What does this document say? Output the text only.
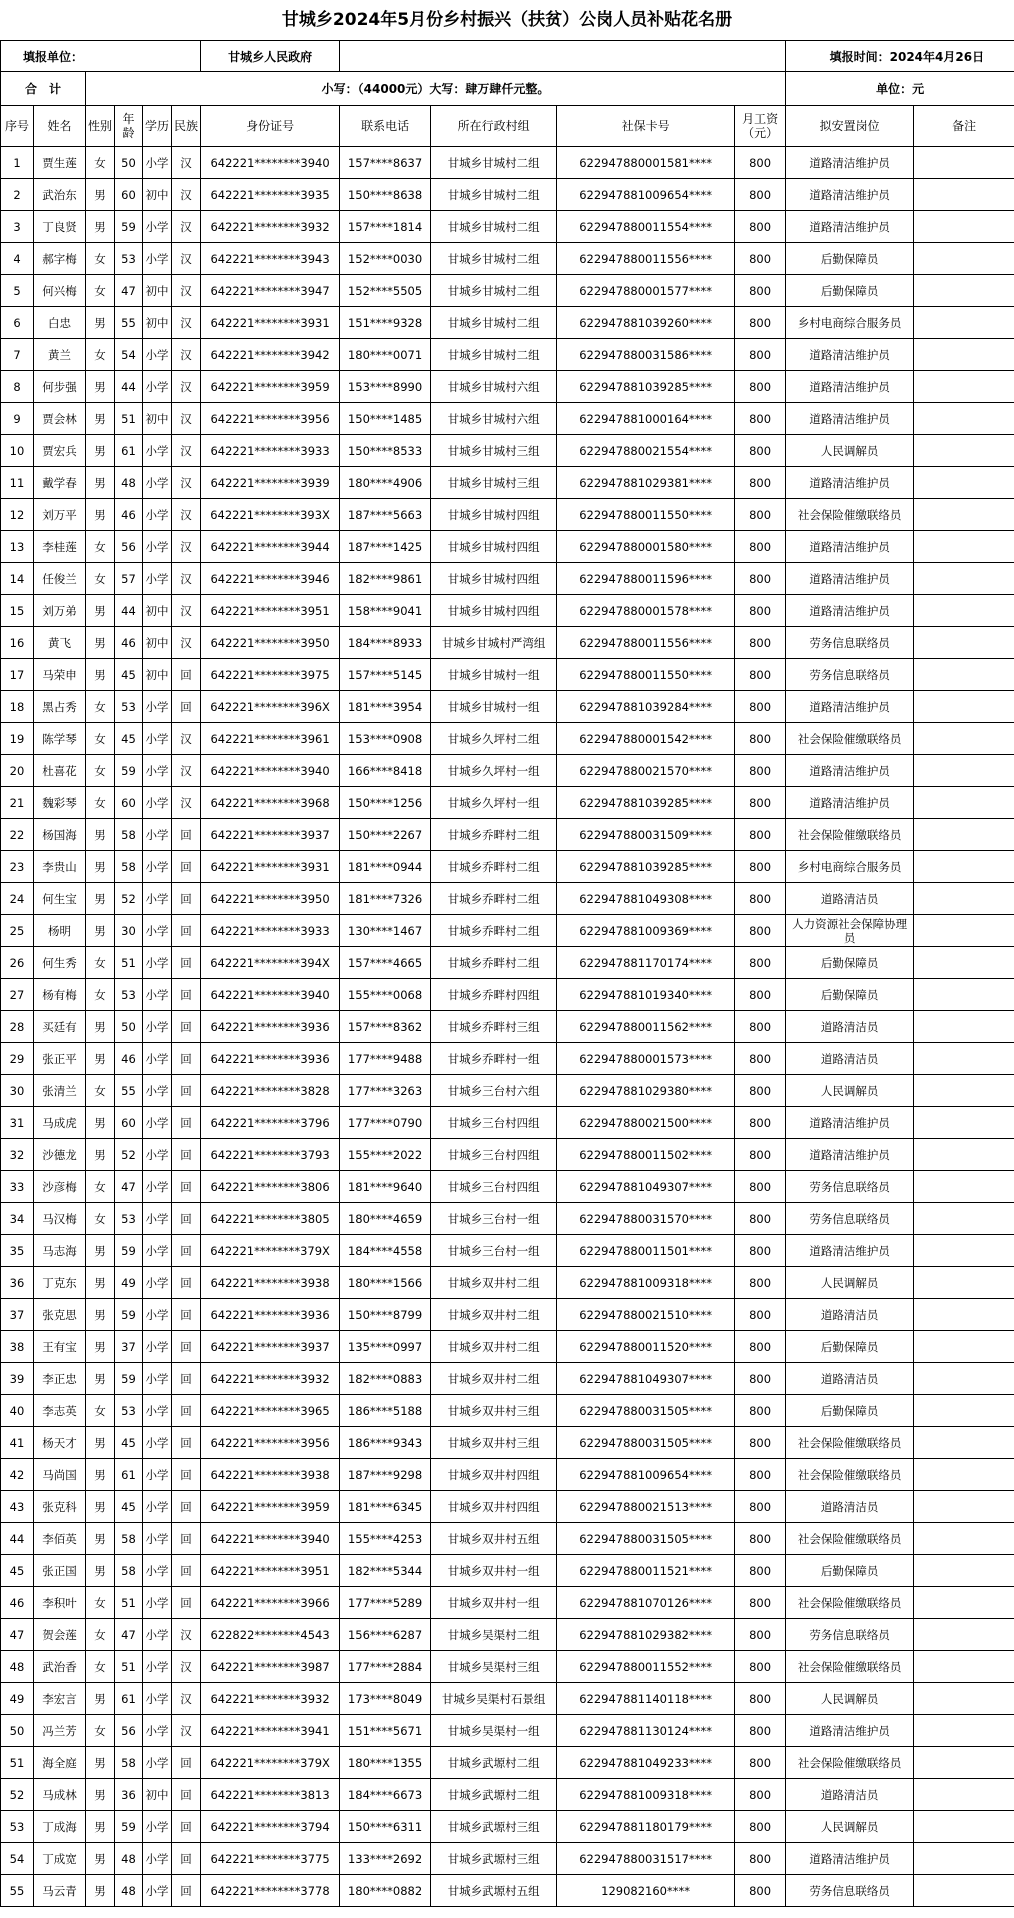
甘城乡2024年5月份乡村振兴（扶贫）公岗人员补贴花名册
填报单位：						甘城乡人民政府					填报时间：2024年4月26日	
合　计		小写：（44000元）大写：肆万肆仟元整。									单位：元	
序号	姓名	性别	年龄	学历	民族	身份证号	联系电话	所在行政村组	社保卡号	月工资（元）	拟安置岗位	备注
1	贾生莲	女	50	小学	汉	642221********3940	157****8637	甘城乡甘城村二组	622947880001581****	800	道路清洁维护员	
2	武治东	男	60	初中	汉	642221********3935	150****8638	甘城乡甘城村二组	622947881009654****	800	道路清洁维护员	
3	丁良贤	男	59	小学	汉	642221********3932	157****1814	甘城乡甘城村二组	622947880011554****	800	道路清洁维护员	
4	郝字梅	女	53	小学	汉	642221********3943	152****0030	甘城乡甘城村二组	622947880011556****	800	后勤保障员	
5	何兴梅	女	47	初中	汉	642221********3947	152****5505	甘城乡甘城村二组	622947880001577****	800	后勤保障员	
6	白忠	男	55	初中	汉	642221********3931	151****9328	甘城乡甘城村二组	622947881039260****	800	乡村电商综合服务员	
7	黄兰	女	54	小学	汉	642221********3942	180****0071	甘城乡甘城村二组	622947880031586****	800	道路清洁维护员	
8	何步强	男	44	小学	汉	642221********3959	153****8990	甘城乡甘城村六组	622947881039285****	800	道路清洁维护员	
9	贾会林	男	51	初中	汉	642221********3956	150****1485	甘城乡甘城村六组	622947881000164****	800	道路清洁维护员	
10	贾宏兵	男	61	小学	汉	642221********3933	150****8533	甘城乡甘城村三组	622947880021554****	800	人民调解员	
11	戴学春	男	48	小学	汉	642221********3939	180****4906	甘城乡甘城村三组	622947881029381****	800	道路清洁维护员	
12	刘万平	男	46	小学	汉	642221********393X	187****5663	甘城乡甘城村四组	622947880011550****	800	社会保险催缴联络员	
13	李桂莲	女	56	小学	汉	642221********3944	187****1425	甘城乡甘城村四组	622947880001580****	800	道路清洁维护员	
14	任俊兰	女	57	小学	汉	642221********3946	182****9861	甘城乡甘城村四组	622947880011596****	800	道路清洁维护员	
15	刘万弟	男	44	初中	汉	642221********3951	158****9041	甘城乡甘城村四组	622947880001578****	800	道路清洁维护员	
16	黄飞	男	46	初中	汉	642221********3950	184****8933	甘城乡甘城村严湾组	622947880011556****	800	劳务信息联络员	
17	马荣申	男	45	初中	回	642221********3975	157****5145	甘城乡甘城村一组	622947880011550****	800	劳务信息联络员	
18	黑占秀	女	53	小学	回	642221********396X	181****3954	甘城乡甘城村一组	622947881039284****	800	道路清洁维护员	
19	陈学琴	女	45	小学	汉	642221********3961	153****0908	甘城乡久坪村二组	622947880001542****	800	社会保险催缴联络员	
20	杜喜花	女	59	小学	汉	642221********3940	166****8418	甘城乡久坪村一组	622947880021570****	800	道路清洁维护员	
21	魏彩琴	女	60	小学	汉	642221********3968	150****1256	甘城乡久坪村一组	622947881039285****	800	道路清洁维护员	
22	杨国海	男	58	小学	回	642221********3937	150****2267	甘城乡乔畔村二组	622947880031509****	800	社会保险催缴联络员	
23	李贵山	男	58	小学	回	642221********3931	181****0944	甘城乡乔畔村二组	622947881039285****	800	乡村电商综合服务员	
24	何生宝	男	52	小学	回	642221********3950	181****7326	甘城乡乔畔村二组	622947881049308****	800	道路清洁员	
25	杨明	男	30	小学	回	642221********3933	130****1467	甘城乡乔畔村二组	622947881009369****	800	人力资源社会保障协理员	
26	何生秀	女	51	小学	回	642221********394X	157****4665	甘城乡乔畔村二组	622947881170174****	800	后勤保障员	
27	杨有梅	女	53	小学	回	642221********3940	155****0068	甘城乡乔畔村四组	622947881019340****	800	后勤保障员	
28	买廷有	男	50	小学	回	642221********3936	157****8362	甘城乡乔畔村三组	622947880011562****	800	道路清洁员	
29	张正平	男	46	小学	回	642221********3936	177****9488	甘城乡乔畔村一组	622947880001573****	800	道路清洁员	
30	张清兰	女	55	小学	回	642221********3828	177****3263	甘城乡三台村六组	622947881029380****	800	人民调解员	
31	马成虎	男	60	小学	回	642221********3796	177****0790	甘城乡三台村四组	622947880021500****	800	道路清洁维护员	
32	沙德龙	男	52	小学	回	642221********3793	155****2022	甘城乡三台村四组	622947880011502****	800	道路清洁维护员	
33	沙彦梅	女	47	小学	回	642221********3806	181****9640	甘城乡三台村四组	622947881049307****	800	劳务信息联络员	
34	马汉梅	女	53	小学	回	642221********3805	180****4659	甘城乡三台村一组	622947880031570****	800	劳务信息联络员	
35	马志海	男	59	小学	回	642221********379X	184****4558	甘城乡三台村一组	622947880011501****	800	道路清洁维护员	
36	丁克东	男	49	小学	回	642221********3938	180****1566	甘城乡双井村二组	622947881009318****	800	人民调解员	
37	张克思	男	59	小学	回	642221********3936	150****8799	甘城乡双井村二组	622947880021510****	800	道路清洁员	
38	王有宝	男	37	小学	回	642221********3937	135****0997	甘城乡双井村二组	622947880011520****	800	后勤保障员	
39	李正忠	男	59	小学	回	642221********3932	182****0883	甘城乡双井村二组	622947881049307****	800	道路清洁员	
40	李志英	女	53	小学	回	642221********3965	186****5188	甘城乡双井村三组	622947880031505****	800	后勤保障员	
41	杨天才	男	45	小学	回	642221********3956	186****9343	甘城乡双井村三组	622947880031505****	800	社会保险催缴联络员	
42	马尚国	男	61	小学	回	642221********3938	187****9298	甘城乡双井村四组	622947881009654****	800	社会保险催缴联络员	
43	张克科	男	45	小学	回	642221********3959	181****6345	甘城乡双井村四组	622947880021513****	800	道路清洁员	
44	李佰英	男	58	小学	回	642221********3940	155****4253	甘城乡双井村五组	622947880031505****	800	社会保险催缴联络员	
45	张正国	男	58	小学	回	642221********3951	182****5344	甘城乡双井村一组	622947880011521****	800	后勤保障员	
46	李积叶	女	51	小学	回	642221********3966	177****5289	甘城乡双井村一组	622947881070126****	800	社会保险催缴联络员	
47	贺会莲	女	47	小学	汉	622822********4543	156****6287	甘城乡吴渠村二组	622947881029382****	800	劳务信息联络员	
48	武治香	女	51	小学	汉	642221********3987	177****2884	甘城乡吴渠村三组	622947880011552****	800	社会保险催缴联络员	
49	李宏言	男	61	小学	汉	642221********3932	173****8049	甘城乡吴渠村石景组	622947881140118****	800	人民调解员	
50	冯兰芳	女	56	小学	汉	642221********3941	151****5671	甘城乡吴渠村一组	622947881130124****	800	道路清洁维护员	
51	海全庭	男	58	小学	回	642221********379X	180****1355	甘城乡武塬村二组	622947881049233****	800	社会保险催缴联络员	
52	马成林	男	36	初中	回	642221********3813	184****6673	甘城乡武塬村二组	622947881009318****	800	道路清洁员	
53	丁成海	男	59	小学	回	642221********3794	150****6311	甘城乡武塬村三组	622947881180179****	800	人民调解员	
54	丁成宽	男	48	小学	回	642221********3775	133****2692	甘城乡武塬村三组	622947880031517****	800	道路清洁维护员	
55	马云青	男	48	小学	回	642221********3778	180****0882	甘城乡武塬村五组	129082160****	800	劳务信息联络员	
